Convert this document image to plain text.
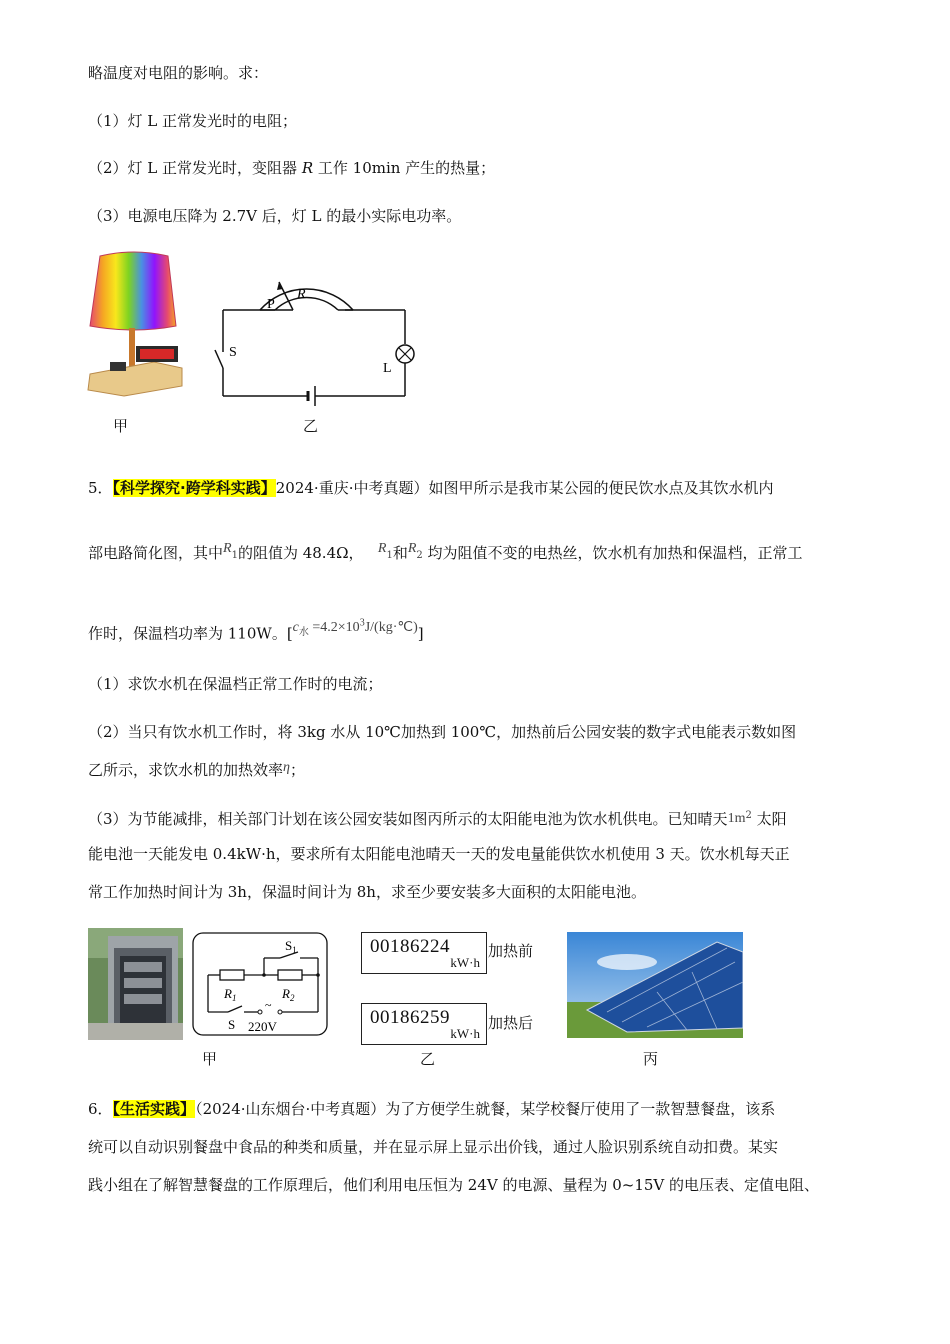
略温度对电阻的影响。求：
（1）灯 L 正常发光时的电阻；
（2）灯 L 正常发光时，变阻器 R 工作 10min 产生的热量；
（3）电源电压降为 2.7V 后，灯 L 的最小实际电功率。
甲
P
R
S
L
乙
5．【科学探究·跨学科实践】2024·重庆·中考真题）如图甲所示是我市某公园的便民饮水点及其饮水机内
部电路简化图，其中R1的阻值为 48.4Ω， R1和R2 均为阻值不变的电热丝，饮水机有加热和保温档，正常工
作时，保温档功率为 110W。[$c_水$ $=4.2\times 10^3J/(kg\cdot℃)$]
（1）求饮水机在保温档正常工作时的电流；
（2）当只有饮水机工作时，将 3kg 水从 10℃加热到 100℃，加热前后公园安装的数字式电能表示数如图
乙所示，求饮水机的加热效率η；
（3）为节能减排，相关部门计划在该公园安装如图丙所示的太阳能电池为饮水机供电。已知晴天$1m^2$ 太阳
能电池一天能发电 0.4kW·h，要求所有太阳能电池晴天一天的发电量能供饮水机使用 3 天。饮水机每天正
常工作加热时间计为 3h，保温时间计为 8h，求至少要安装多大面积的太阳能电池。
$S_1$
$R_1$	$R_2$
S
~
220V
甲
00186224
kW·h
加热前
00186259
kW·h
加热后
乙	丙
6．【生活实践】（2024·山东烟台·中考真题）为了方便学生就餐，某学校餐厅使用了一款智慧餐盘，该系
统可以自动识别餐盘中食品的种类和质量，并在显示屏上显示出价钱，通过人脸识别系统自动扣费。某实
践小组在了解智慧餐盘的工作原理后，他们利用电压恒为 24V 的电源、量程为 0~15V 的电压表、定值电阻、
